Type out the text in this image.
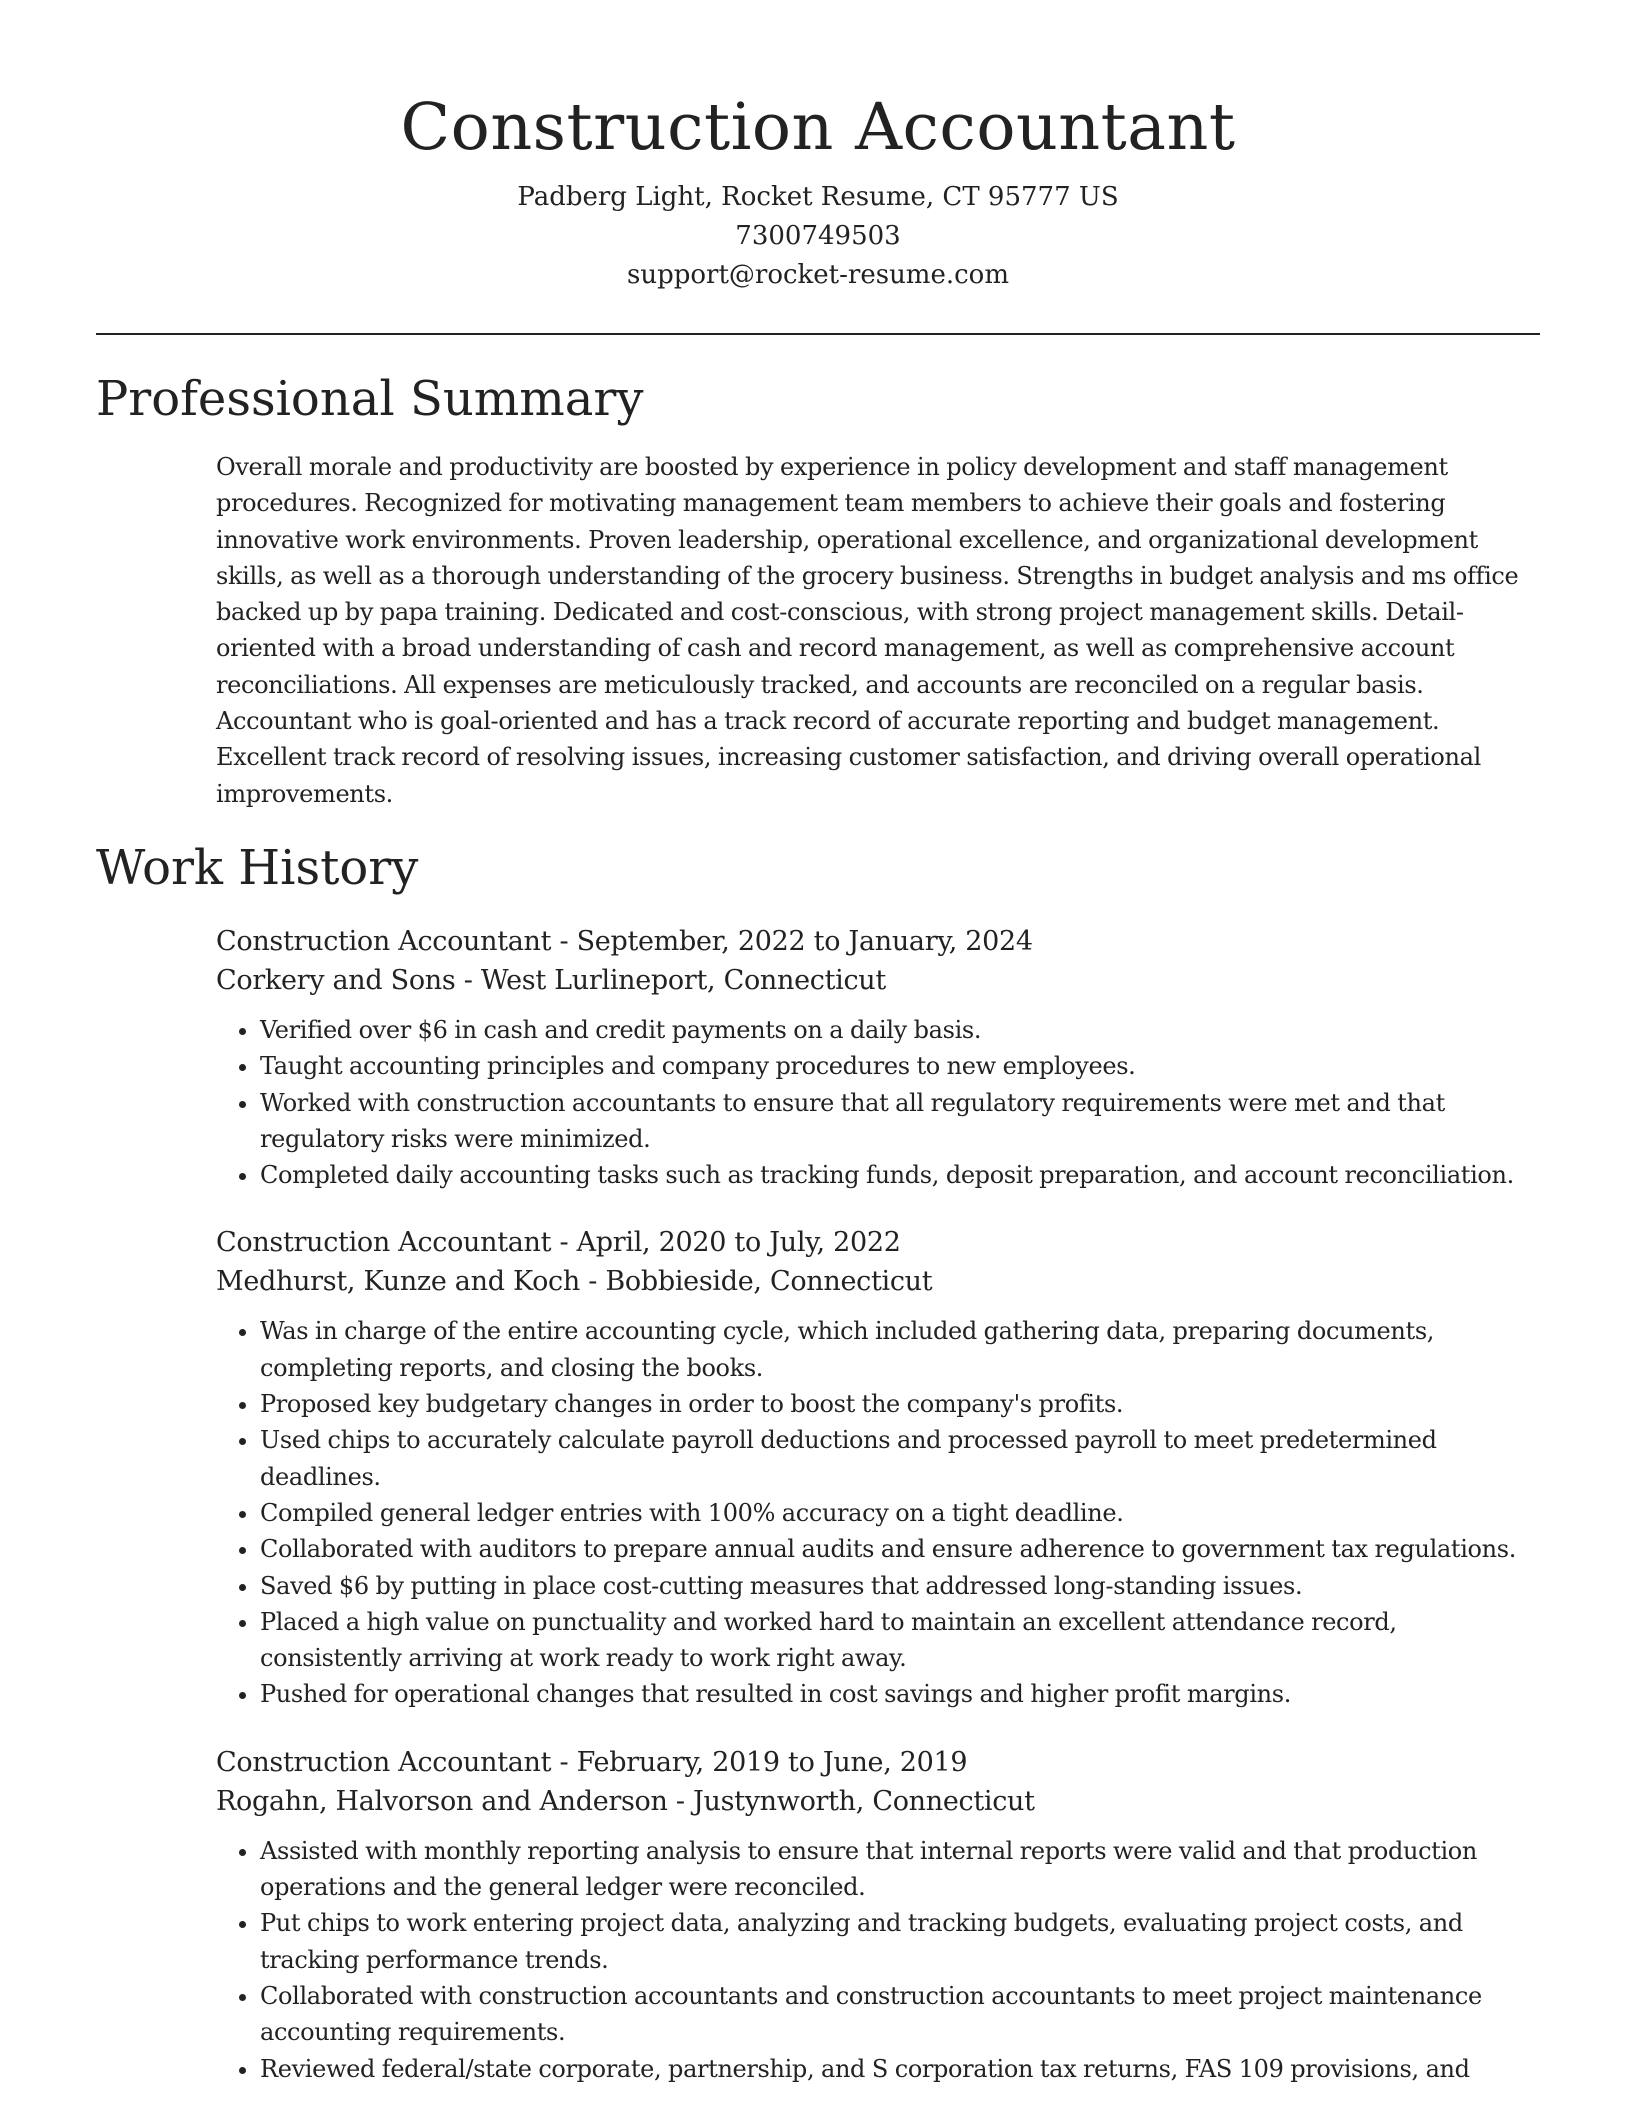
Construction Accountant
Padberg Light, Rocket Resume, CT 95777 US
7300749503
support@rocket-resume.com
Professional Summary

Overall morale and productivity are boosted by experience in policy development and staff management procedures. Recognized for motivating management team members to achieve their goals and fostering innovative work environments. Proven leadership, operational excellence, and organizational development skills, as well as a thorough understanding of the grocery business. Strengths in budget analysis and ms office backed up by papa training. Dedicated and cost-conscious, with strong project management skills. Detail-oriented with a broad understanding of cash and record management, as well as comprehensive account reconciliations. All expenses are meticulously tracked, and accounts are reconciled on a regular basis. Accountant who is goal-oriented and has a track record of accurate reporting and budget management. Excellent track record of resolving issues, increasing customer satisfaction, and driving overall operational improvements.

Work History
Construction Accountant - September, 2022 to January, 2024
Corkery and Sons - West Lurlineport, Connecticut
• Verified over $6 in cash and credit payments on a daily basis.
• Taught accounting principles and company procedures to new employees.
• Worked with construction accountants to ensure that all regulatory requirements were met and that regulatory risks were minimized.
• Completed daily accounting tasks such as tracking funds, deposit preparation, and account reconciliation.
Construction Accountant - April, 2020 to July, 2022
Medhurst, Kunze and Koch - Bobbieside, Connecticut
• Was in charge of the entire accounting cycle, which included gathering data, preparing documents, completing reports, and closing the books.
• Proposed key budgetary changes in order to boost the company's profits.
• Used chips to accurately calculate payroll deductions and processed payroll to meet predetermined deadlines.
• Compiled general ledger entries with 100% accuracy on a tight deadline.
• Collaborated with auditors to prepare annual audits and ensure adherence to government tax regulations.
• Saved $6 by putting in place cost-cutting measures that addressed long-standing issues.
• Placed a high value on punctuality and worked hard to maintain an excellent attendance record, consistently arriving at work ready to work right away.
• Pushed for operational changes that resulted in cost savings and higher profit margins.
Construction Accountant - February, 2019 to June, 2019
Rogahn, Halvorson and Anderson - Justynworth, Connecticut
• Assisted with monthly reporting analysis to ensure that internal reports were valid and that production operations and the general ledger were reconciled.
• Put chips to work entering project data, analyzing and tracking budgets, evaluating project costs, and tracking performance trends.
• Collaborated with construction accountants and construction accountants to meet project maintenance accounting requirements.
• Reviewed federal/state corporate, partnership, and S corporation tax returns, FAS 109 provisions, and
